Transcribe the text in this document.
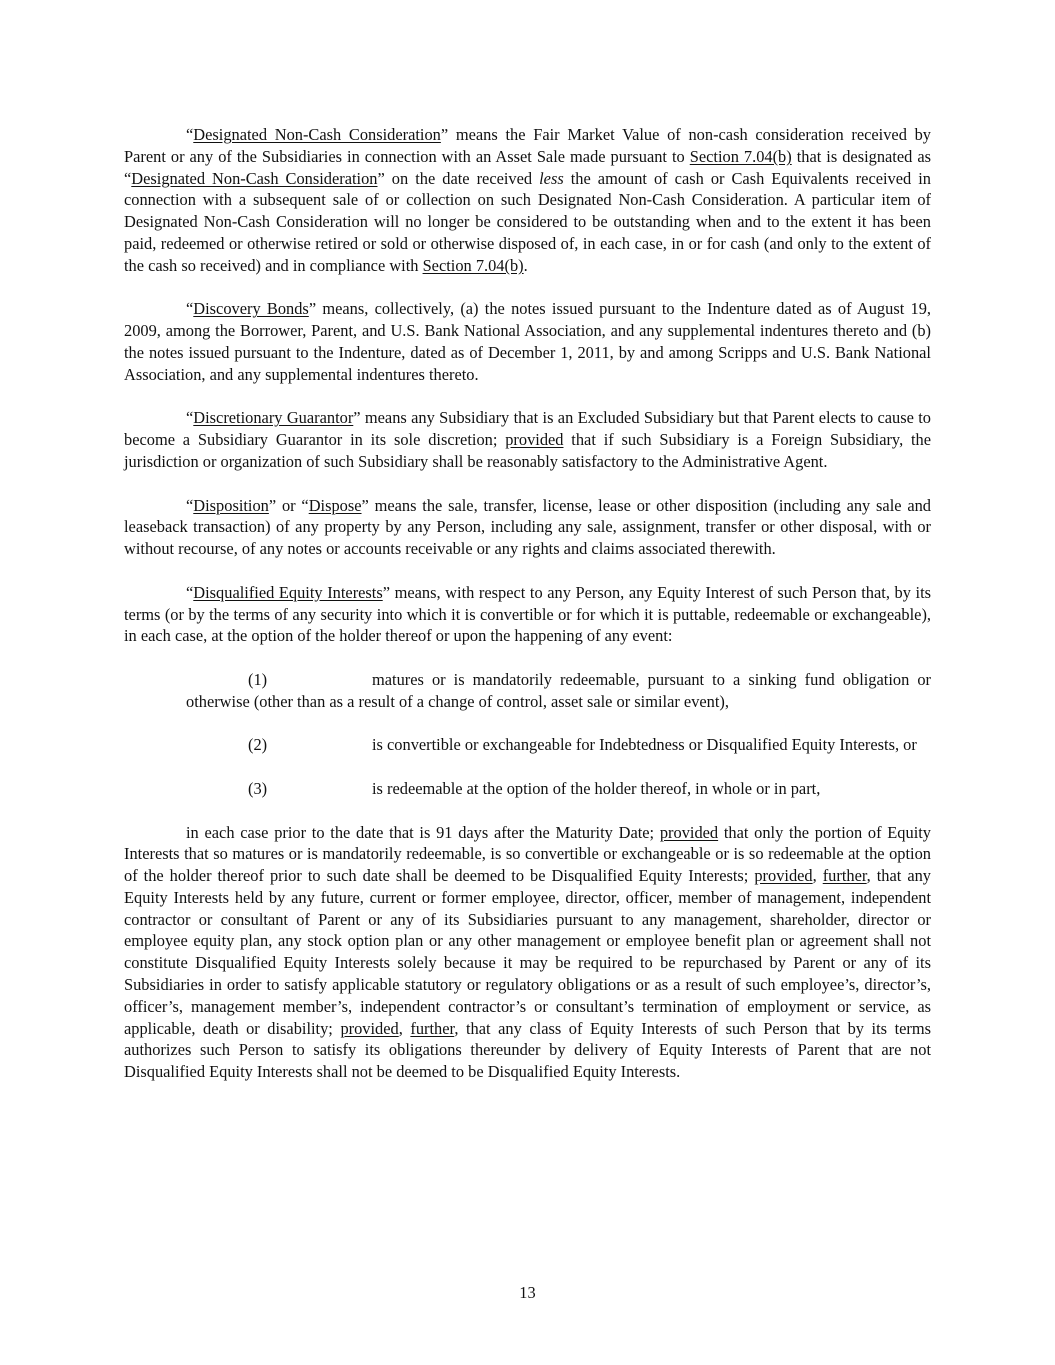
“Designated Non-Cash Consideration” means the Fair Market Value of non-cash consideration received by Parent or any of the Subsidiaries in connection with an Asset Sale made pursuant to Section 7.04(b) that is designated as “Designated Non-Cash Consideration” on the date received less the amount of cash or Cash Equivalents received in connection with a subsequent sale of or collection on such Designated Non-Cash Consideration. A particular item of Designated Non-Cash Consideration will no longer be considered to be outstanding when and to the extent it has been paid, redeemed or otherwise retired or sold or otherwise disposed of, in each case, in or for cash (and only to the extent of the cash so received) and in compliance with Section 7.04(b).

“Discovery Bonds” means, collectively, (a) the notes issued pursuant to the Indenture dated as of August 19, 2009, among the Borrower, Parent, and U.S. Bank National Association, and any supplemental indentures thereto and (b) the notes issued pursuant to the Indenture, dated as of December 1, 2011, by and among Scripps and U.S. Bank National Association, and any supplemental indentures thereto.

“Discretionary Guarantor” means any Subsidiary that is an Excluded Subsidiary but that Parent elects to cause to become a Subsidiary Guarantor in its sole discretion; provided that if such Subsidiary is a Foreign Subsidiary, the jurisdiction or organization of such Subsidiary shall be reasonably satisfactory to the Administrative Agent.

“Disposition” or “Dispose” means the sale, transfer, license, lease or other disposition (including any sale and leaseback transaction) of any property by any Person, including any sale, assignment, transfer or other disposal, with or without recourse, of any notes or accounts receivable or any rights and claims associated therewith.

“Disqualified Equity Interests” means, with respect to any Person, any Equity Interest of such Person that, by its terms (or by the terms of any security into which it is convertible or for which it is puttable, redeemable or exchangeable), in each case, at the option of the holder thereof or upon the happening of any event:

(1)	matures or is mandatorily redeemable, pursuant to a sinking fund obligation or otherwise (other than as a result of a change of control, asset sale or similar event),

(2)	is convertible or exchangeable for Indebtedness or Disqualified Equity Interests, or

(3)	is redeemable at the option of the holder thereof, in whole or in part,

in each case prior to the date that is 91 days after the Maturity Date; provided that only the portion of Equity Interests that so matures or is mandatorily redeemable, is so convertible or exchangeable or is so redeemable at the option of the holder thereof prior to such date shall be deemed to be Disqualified Equity Interests; provided, further, that any Equity Interests held by any future, current or former employee, director, officer, member of management, independent contractor or consultant of Parent or any of its Subsidiaries pursuant to any management, shareholder, director or employee equity plan, any stock option plan or any other management or employee benefit plan or agreement shall not constitute Disqualified Equity Interests solely because it may be required to be repurchased by Parent or any of its Subsidiaries in order to satisfy applicable statutory or regulatory obligations or as a result of such employee’s, director’s, officer’s, management member’s, independent contractor’s or consultant’s termination of employment or service, as applicable, death or disability; provided, further, that any class of Equity Interests of such Person that by its terms authorizes such Person to satisfy its obligations thereunder by delivery of Equity Interests of Parent that are not Disqualified Equity Interests shall not be deemed to be Disqualified Equity Interests.

13
